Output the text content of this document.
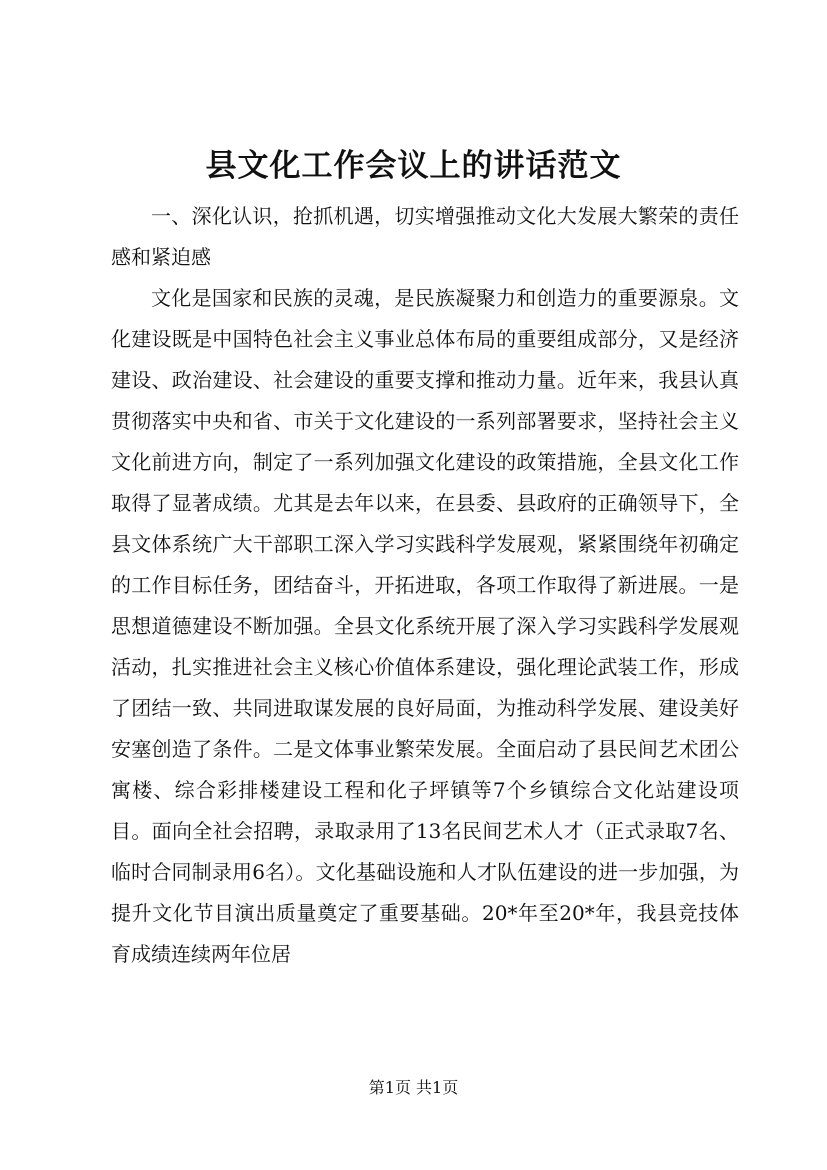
县文化工作会议上的讲话范文

一、深化认识，抢抓机遇，切实增强推动文化大发展大繁荣的责任感和紧迫感

文化是国家和民族的灵魂，是民族凝聚力和创造力的重要源泉。文化建设既是中国特色社会主义事业总体布局的重要组成部分，又是经济建设、政治建设、社会建设的重要支撑和推动力量。近年来，我县认真贯彻落实中央和省、市关于文化建设的一系列部署要求，坚持社会主义文化前进方向，制定了一系列加强文化建设的政策措施，全县文化工作取得了显著成绩。尤其是去年以来，在县委、县政府的正确领导下，全县文体系统广大干部职工深入学习实践科学发展观，紧紧围绕年初确定的工作目标任务，团结奋斗，开拓进取，各项工作取得了新进展。一是思想道德建设不断加强。全县文化系统开展了深入学习实践科学发展观活动，扎实推进社会主义核心价值体系建设，强化理论武装工作，形成了团结一致、共同进取谋发展的良好局面，为推动科学发展、建设美好安塞创造了条件。二是文体事业繁荣发展。全面启动了县民间艺术团公寓楼、综合彩排楼建设工程和化子坪镇等7个乡镇综合文化站建设项目。面向全社会招聘，录取录用了13名民间艺术人才（正式录取7名、临时合同制录用6名）。文化基础设施和人才队伍建设的进一步加强，为提升文化节目演出质量奠定了重要基础。20*年至20*年，我县竞技体育成绩连续两年位居

第1页 共1页
